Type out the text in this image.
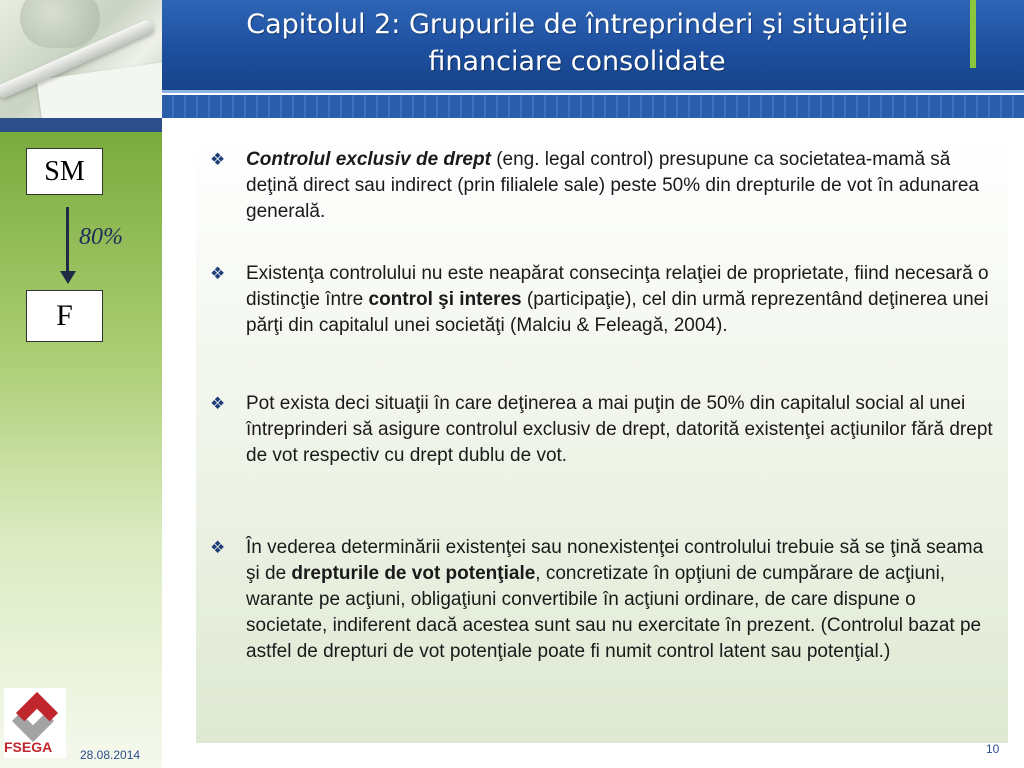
Capitolul 2: Grupurile de întreprinderi și situațiile
financiare consolidate
SM
80%
F
❖ Controlul exclusiv de drept (eng. legal control) presupune ca societatea-mamă să deţină direct sau indirect (prin filialele sale) peste 50% din drepturile de vot în adunarea generală.
❖ Existenţa controlului nu este neapărat consecinţa relaţiei de proprietate, fiind necesară o distincţie între control şi interes (participaţie), cel din urmă reprezentând deţinerea unei părţi din capitalul unei societăţi (Malciu & Feleagă, 2004).
❖ Pot exista deci situaţii în care deţinerea a mai puţin de 50% din capitalul social al unei întreprinderi să asigure controlul exclusiv de drept, datorită existenţei acţiunilor fără drept de vot respectiv cu drept dublu de vot.
❖ În vederea determinării existenţei sau nonexistenţei controlului trebuie să se ţină seama şi de drepturile de vot potenţiale, concretizate în opţiuni de cumpărare de acţiuni, warante pe acţiuni, obligaţiuni convertibile în acţiuni ordinare, de care dispune o societate, indiferent dacă acestea sunt sau nu exercitate în prezent. (Controlul bazat pe astfel de drepturi de vot potenţiale poate fi numit control latent sau potenţial.)
FSEGA 28.08.2014	10
